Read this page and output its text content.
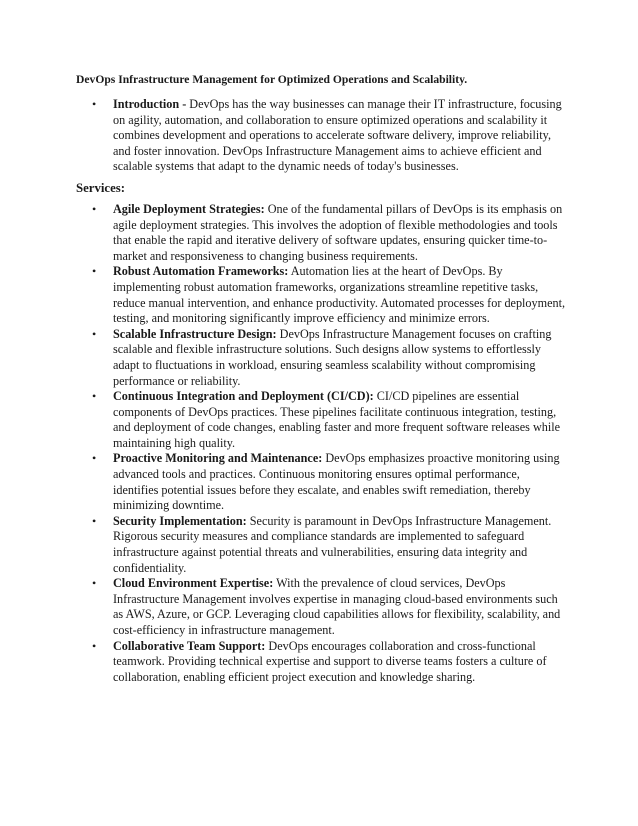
DevOps Infrastructure Management for Optimized Operations and Scalability.
• Introduction - DevOps has the way businesses can manage their IT infrastructure, focusing on agility, automation, and collaboration to ensure optimized operations and scalability it combines development and operations to accelerate software delivery, improve reliability, and foster innovation. DevOps Infrastructure Management aims to achieve efficient and scalable systems that adapt to the dynamic needs of today's businesses.
Services:
• Agile Deployment Strategies: One of the fundamental pillars of DevOps is its emphasis on agile deployment strategies. This involves the adoption of flexible methodologies and tools that enable the rapid and iterative delivery of software updates, ensuring quicker time-to-market and responsiveness to changing business requirements.
• Robust Automation Frameworks: Automation lies at the heart of DevOps. By implementing robust automation frameworks, organizations streamline repetitive tasks, reduce manual intervention, and enhance productivity. Automated processes for deployment, testing, and monitoring significantly improve efficiency and minimize errors.
• Scalable Infrastructure Design: DevOps Infrastructure Management focuses on crafting scalable and flexible infrastructure solutions. Such designs allow systems to effortlessly adapt to fluctuations in workload, ensuring seamless scalability without compromising performance or reliability.
• Continuous Integration and Deployment (CI/CD): CI/CD pipelines are essential components of DevOps practices. These pipelines facilitate continuous integration, testing, and deployment of code changes, enabling faster and more frequent software releases while maintaining high quality.
• Proactive Monitoring and Maintenance: DevOps emphasizes proactive monitoring using advanced tools and practices. Continuous monitoring ensures optimal performance, identifies potential issues before they escalate, and enables swift remediation, thereby minimizing downtime.
• Security Implementation: Security is paramount in DevOps Infrastructure Management. Rigorous security measures and compliance standards are implemented to safeguard infrastructure against potential threats and vulnerabilities, ensuring data integrity and confidentiality.
• Cloud Environment Expertise: With the prevalence of cloud services, DevOps Infrastructure Management involves expertise in managing cloud-based environments such as AWS, Azure, or GCP. Leveraging cloud capabilities allows for flexibility, scalability, and cost-efficiency in infrastructure management.
• Collaborative Team Support: DevOps encourages collaboration and cross-functional teamwork. Providing technical expertise and support to diverse teams fosters a culture of collaboration, enabling efficient project execution and knowledge sharing.
